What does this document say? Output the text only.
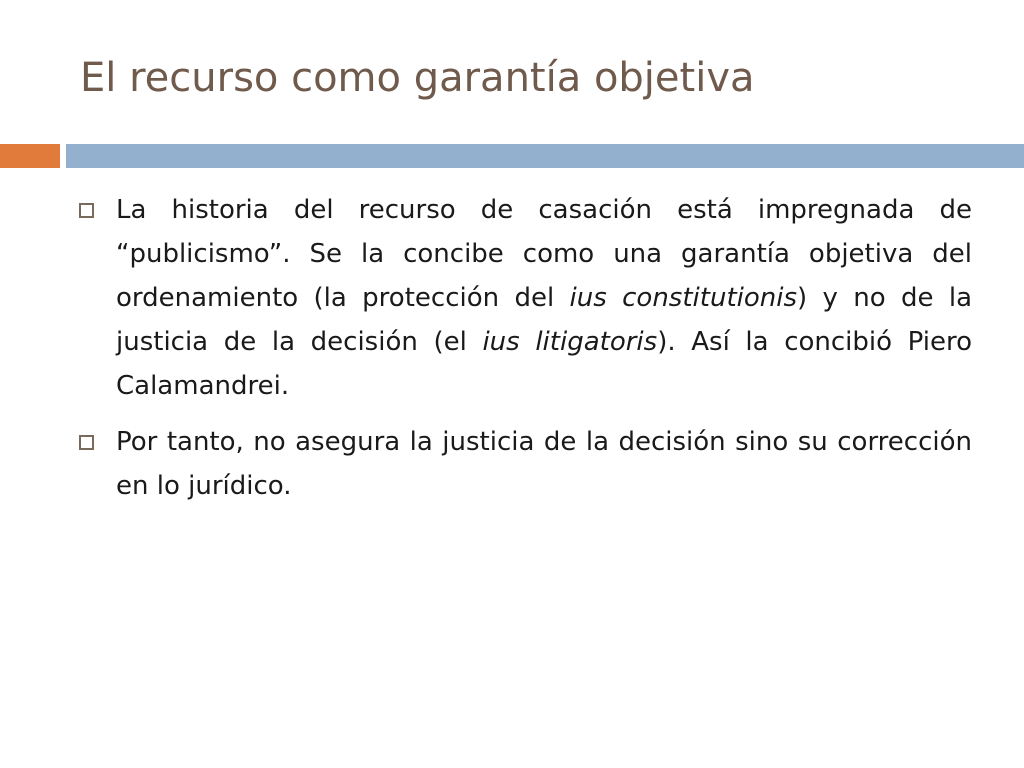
El recurso como garantía objetiva
La historia del recurso de casación está impregnada de “publicismo”. Se la concibe como una garantía objetiva del ordenamiento (la protección del ius constitutionis) y no de la justicia de la decisión (el ius litigatoris). Así la concibió Piero Calamandrei.
Por tanto, no asegura la justicia de la decisión sino su corrección en lo jurídico.
